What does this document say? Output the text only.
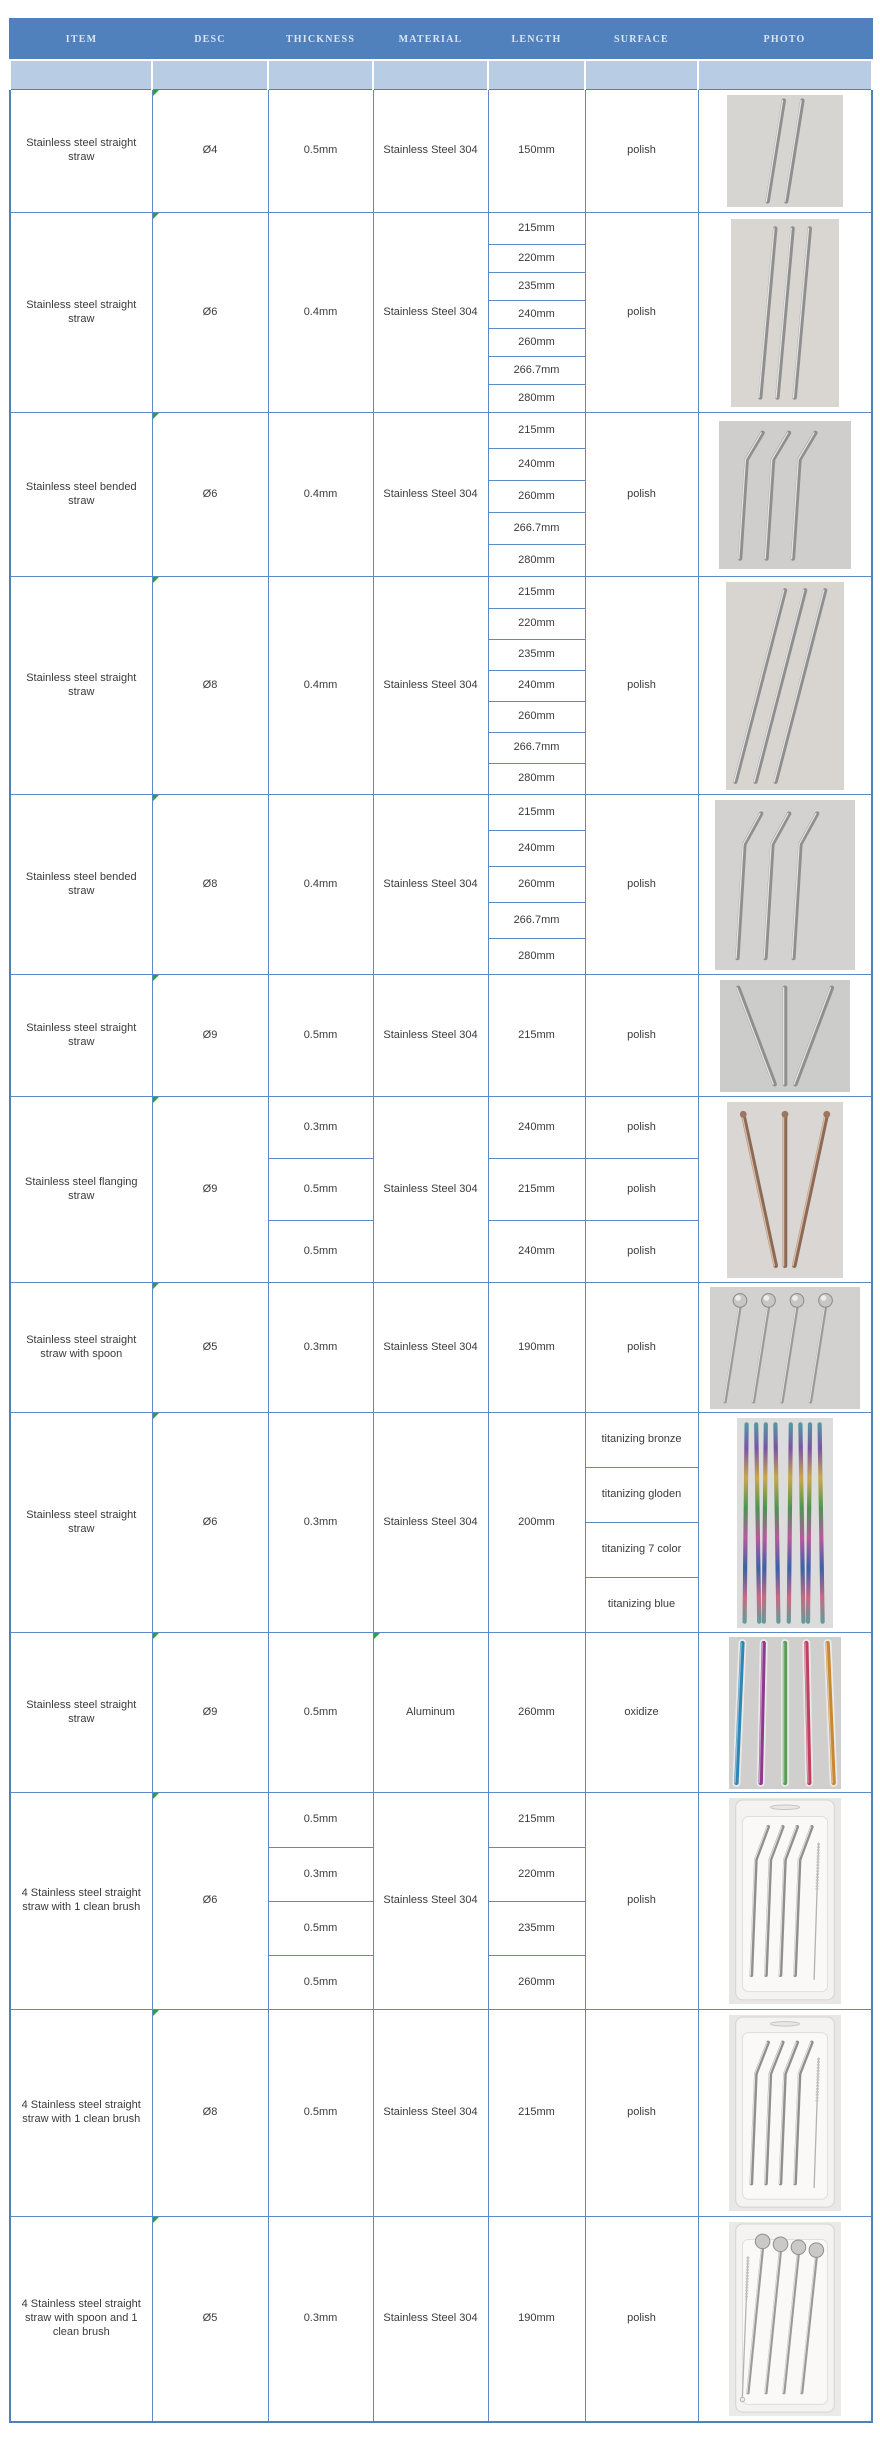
ITEM	DESC	THICKNESS	MATERIAL	LENGTH	SURFACE	PHOTO

Stainless steel straight straw	Ø4	0.5mm	Stainless Steel 304	150mm	polish	

Stainless steel straight straw	Ø6	0.4mm	Stainless Steel 304	215mm	polish	

				220mm		
				235mm		
				240mm		
				260mm		
				266.7mm		
				280mm		
Stainless steel bended straw	Ø6	0.4mm	Stainless Steel 304	215mm	polish	

				240mm		
				260mm		
				266.7mm		
				280mm		
Stainless steel straight straw	Ø8	0.4mm	Stainless Steel 304	215mm	polish	

				220mm		
				235mm		
				240mm		
				260mm		
				266.7mm		
				280mm		
Stainless steel bended straw	Ø8	0.4mm	Stainless Steel 304	215mm	polish	

				240mm		
				260mm		
				266.7mm		
				280mm		
Stainless steel straight straw	Ø9	0.5mm	Stainless Steel 304	215mm	polish	

Stainless steel flanging straw	Ø9	0.3mm	Stainless Steel 304	240mm	polish	

		0.5mm		215mm	polish	
		0.5mm		240mm	polish	
Stainless steel straight straw with spoon	Ø5	0.3mm	Stainless Steel 304	190mm	polish	

Stainless steel straight straw	Ø6	0.3mm	Stainless Steel 304	200mm	titanizing bronze	

					titanizing gloden	
					titanizing 7 color	
					titanizing blue	
Stainless steel straight straw	Ø9	0.5mm	Aluminum	260mm	oxidize	

4 Stainless steel straight straw with 1 clean brush	Ø6	0.5mm	Stainless Steel 304	215mm	polish	

		0.3mm		220mm		
		0.5mm		235mm		
		0.5mm		260mm		
4 Stainless steel straight straw with 1 clean brush	Ø8	0.5mm	Stainless Steel 304	215mm	polish	

4 Stainless steel straight straw with spoon and 1 clean brush	Ø5	0.3mm	Stainless Steel 304	190mm	polish	
